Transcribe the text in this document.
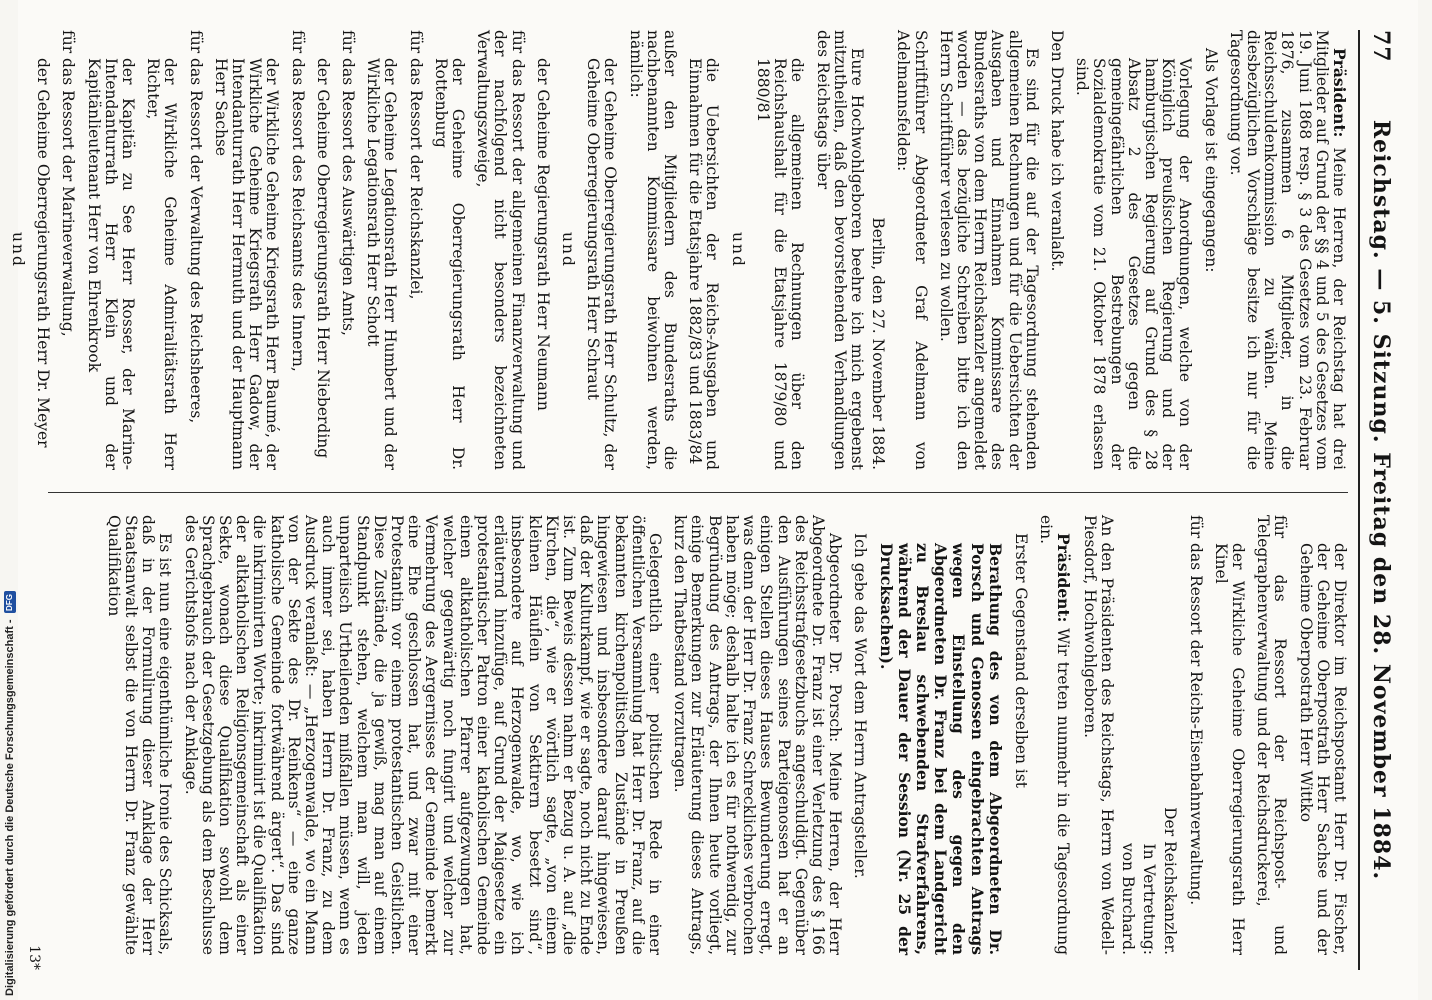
77
Reichstag. — 5. Sitzung. Freitag den 28. November 1884.

Präsident: Meine Herren, der Reichstag hat drei Mitglieder auf Grund der §§ 4 und 5 des Gesetzes vom 19. Juni 1868 resp. § 3 des Gesetzes vom 23. Februar 1876, zusammen 6 Mitglieder, in die Reichsschuldenkommission zu wählen. Meine diesbezüglichen Vorschläge besitze ich nur für die Tagesordnung vor.

Als Vorlage ist eingegangen:

Vorlegung der Anordnungen, welche von der Königlich preußischen Regierung und der hamburgischen Regierung auf Grund des § 28 Absatz 2 des Gesetzes gegen die gemeingefährlichen Bestrebungen der Sozialdemokratie vom 21. Oktober 1878 erlassen sind.

Den Druck habe ich veranlaßt.

Es sind für die auf der Tagesordnung stehenden allgemeinen Rechnungen und für die Uebersichten der Ausgaben und Einnahmen Kommissare des Bundesraths von dem Herrn Reichskanzler angemeldet worden — das bezügliche Schreiben bitte ich den Herrn Schriftführer verlesen zu wollen.

Schriftführer Abgeordneter Graf Adelmann von Adelmannsfelden:

Berlin, den 27. November 1884.

Eure Hochwohlgeboren beehre ich mich ergebenst mitzutheilen, daß den bevorstehenden Verhandlungen des Reichstags über

die allgemeinen Rechnungen über den Reichshaushalt für die Etatsjahre 1879/80 und 1880/81

und

die Uebersichten der Reichs-Ausgaben und Einnahmen für die Etatsjahre 1882/83 und 1883/84

außer den Mitgliedern des Bundesraths die nachbenannten Kommissare beiwohnen werden, nämlich:

der Geheime Oberregierungsrath Herr Schultz, der Geheime Oberregierungsrath Herr Schraut

und

der Geheime Regierungsrath Herr Neumann

für das Ressort der allgemeinen Finanzverwaltung und der nachfolgend nicht besonders bezeichneten Verwaltungszweige,

der Geheime Oberregierungsrath Herr Dr. Rottenburg

für das Ressort der Reichskanzlei,

der Geheime Legationsrath Herr Humbert und der Wirkliche Legationsrath Herr Schott

für das Ressort des Auswärtigen Amts,

der Geheime Oberregierungsrath Herr Nieberding

für das Ressort des Reichsamts des Innern,

der Wirkliche Geheime Kriegsrath Herr Baumé, der Wirkliche Geheime Kriegsrath Herr Gadow, der Intendanturrath Herr Hermuth und der Hauptmann Herr Sachse

für das Ressort der Verwaltung des Reichsheeres,

der Wirkliche Geheime Admiralitätsrath Herr Richter,

der Kapitän zu See Herr Rosser, der Marine-Intendanturrath Herr Klein und der Kapitänlieutenant Herr von Ehrenkrook

für das Ressort der Marineverwaltung,

der Geheime Oberregierungsrath Herr Dr. Meyer

und

der Direktor im Reichspostamt Herr Dr. Fischer, der Geheime Oberpostrath Herr Sachse und der Geheime Oberpostrath Herr Wittko

für das Ressort der Reichspost- und Telegraphenverwaltung und der Reichsdruckerei,

der Wirkliche Geheime Oberregierungsrath Herr Kinel

für das Ressort der Reichs-Eisenbahnverwaltung.

Der Reichskanzler.

In Vertretung:

von Burchard.

An den Präsidenten des Reichstags, Herrn von Wedell-Piesdorf, Hochwohlgeboren.

Präsident: Wir treten nunmehr in die Tagesordnung ein.

Erster Gegenstand derselben ist

Berathung des von dem Abgeordneten Dr. Porsch und Genossen eingebrachten Antrags wegen Einstellung des gegen den Abgeordneten Dr. Franz bei dem Landgericht zu Breslau schwebenden Strafverfahrens, während der Dauer der Session (Nr. 25 der Drucksachen).

Ich gebe das Wort dem Herrn Antragsteller.

Abgeordneter Dr. Porsch: Meine Herren, der Herr Abgeordnete Dr. Franz ist einer Verletzung des § 166 des Reichsstrafgesetzbuchs angeschuldigt. Gegenüber den Ausführungen seines Parteigenossen hat er an einigen Stellen dieses Hauses Bewunderung erregt, was denn der Herr Dr. Franz Schreckliches verbrochen haben möge; deshalb halte ich es für nothwendig, zur Begründung des Antrags, der Ihnen heute vorliegt, einige Bemerkungen zur Erläuterung dieses Antrags, kurz den Thatbestand vorzutragen.

Gelegentlich einer politischen Rede in einer öffentlichen Versammlung hat Herr Dr. Franz, auf die bekannten kirchenpolitischen Zustände in Preußen hingewiesen und insbesondere darauf hingewiesen, daß der Kulturkampf, wie er sagte, noch nicht zu Ende ist. Zum Beweis dessen nahm er Bezug u. A. auf „die Kirchen, die“, wie er wörtlich sagte, „von einem kleinen Häuflein von Sektirern besetzt sind“, insbesondere auf Herzogenwalde, wo, wie ich erläuternd hinzufüge, auf Grund der Maigesetze ein protestantischer Patron einer katholischen Gemeinde einen altkatholischen Pfarrer aufgezwungen hat, welcher gegenwärtig noch fungirt und welcher zur Vermehrung des Aergernisses der Gemeinde bemerkt eine Ehe geschlossen hat, und zwar mit einer Protestantin vor einem protestantischen Geistlichen. Diese Zustände, die ja gewiß, mag man auf einem Standpunkt stehen, welchem man will, jeden unparteiisch Urtheilenden mißfallen müssen, wenn es auch immer sei, haben Herrn Dr. Franz, zu dem Ausdruck veranlaßt: — „Herzogenwalde, wo ein Mann von der Sekte des Dr. Reinkens“ — eine ganze katholische Gemeinde fortwährend ärgert“. Das sind die inkriminirten Worte; inkriminirt ist die Qualifikation der altkatholischen Religionsgemeinschaft als einer Sekte, wonach diese Qualifikation sowohl dem Sprachgebrauch der Gesetzgebung als dem Beschlusse des Gerichtshofs nach der Anklage.

Es ist nun eine eigenthümliche Ironie des Schicksals, daß in der Formulirung dieser Anklage der Herr Staatsanwalt selbst die von Herrn Dr. Franz gewählte Qualifikation

13*
Digitalisierung gefördert durch die Deutsche Forschungsgemeinschaft -
DFG
